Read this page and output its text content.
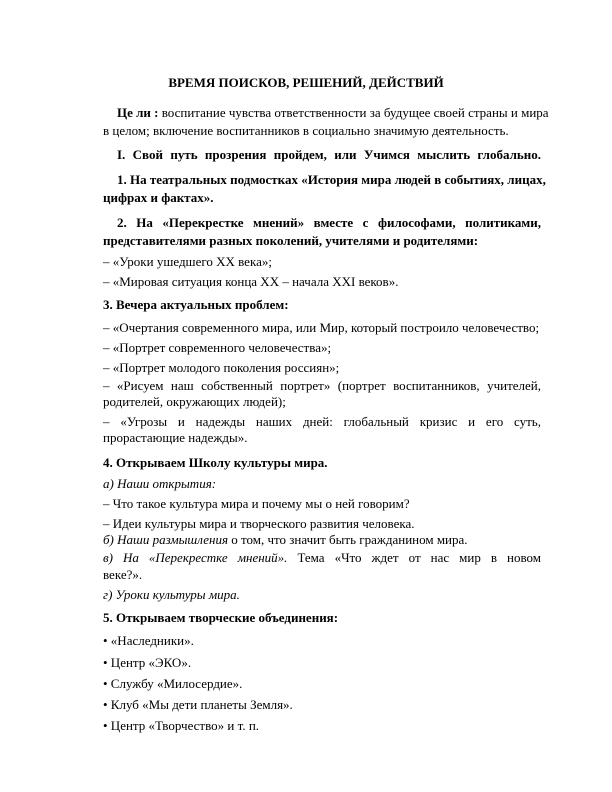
ВРЕМЯ ПОИСКОВ, РЕШЕНИЙ, ДЕЙСТВИЙ
Це ли : воспитание чувства ответственности за будущее своей страны и мира
в целом; включение воспитанников в социально значимую деятельность.
I. Свой путь прозрения пройдем, или Учимся мыслить глобально.
1. На театральных подмостках «История мира людей в событиях, лицах,
цифрах и фактах».
2. На «Перекрестке мнений» вместе с философами, политиками,
представителями разных поколений, учителями и родителями:
– «Уроки ушедшего XX века»;
– «Мировая ситуация конца XX – начала XXI веков».
3. Вечера актуальных проблем:
– «Очертания современного мира, или Мир, который построило человечество;
– «Портрет современного человечества»;
– «Портрет молодого поколения россиян»;
– «Рисуем наш собственный портрет» (портрет воспитанников, учителей,
родителей, окружающих людей);
– «Угрозы и надежды наших дней: глобальный кризис и его суть,
прорастающие надежды».
4. Открываем Школу культуры мира.
а) Наши открытия:
– Что такое культура мира и почему мы о ней говорим?
– Идеи культуры мира и творческого развития человека.
б) Наши размышления о том, что значит быть гражданином мира.
в) На «Перекрестке мнений». Тема «Что ждет от нас мир в новом
веке?».
г) Уроки культуры мира.
5. Открываем творческие объединения:
• «Наследники».
• Центр «ЭКО».
• Службу «Милосердие».
• Клуб «Мы дети планеты Земля».
• Центр «Творчество» и т. п.
